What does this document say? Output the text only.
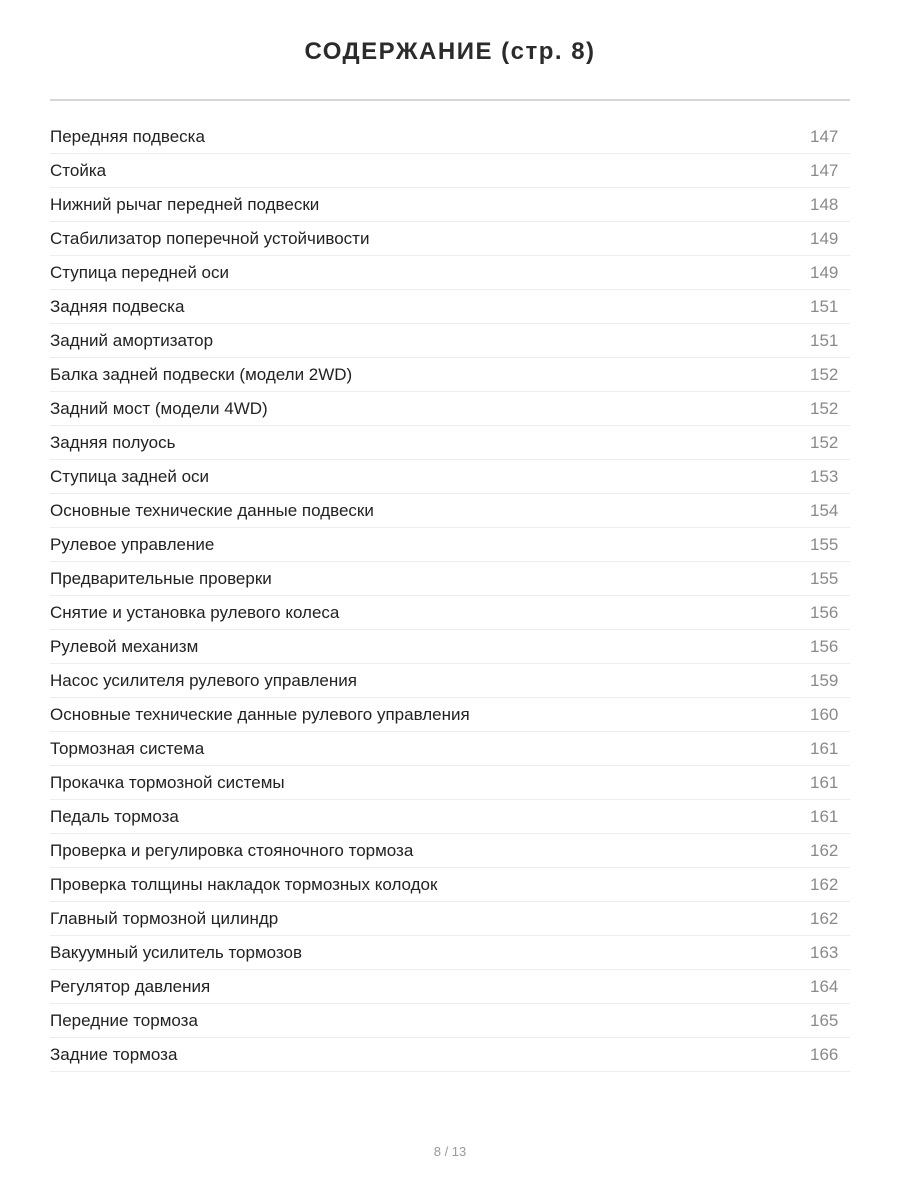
СОДЕРЖАНИЕ (стр. 8)
Передняя подвеска	147
Стойка	147
Нижний рычаг передней подвески	148
Стабилизатор поперечной устойчивости	149
Ступица передней оси	149
Задняя подвеска	151
Задний амортизатор	151
Балка задней подвески (модели 2WD)	152
Задний мост (модели 4WD)	152
Задняя полуось	152
Ступица задней оси	153
Основные технические данные подвески	154
Рулевое управление	155
Предварительные проверки	155
Снятие и установка рулевого колеса	156
Рулевой механизм	156
Насос усилителя рулевого управления	159
Основные технические данные рулевого управления	160
Тормозная система	161
Прокачка тормозной системы	161
Педаль тормоза	161
Проверка и регулировка стояночного тормоза	162
Проверка толщины накладок тормозных колодок	162
Главный тормозной цилиндр	162
Вакуумный усилитель тормозов	163
Регулятор давления	164
Передние тормоза	165
Задние тормоза	166
8 / 13
